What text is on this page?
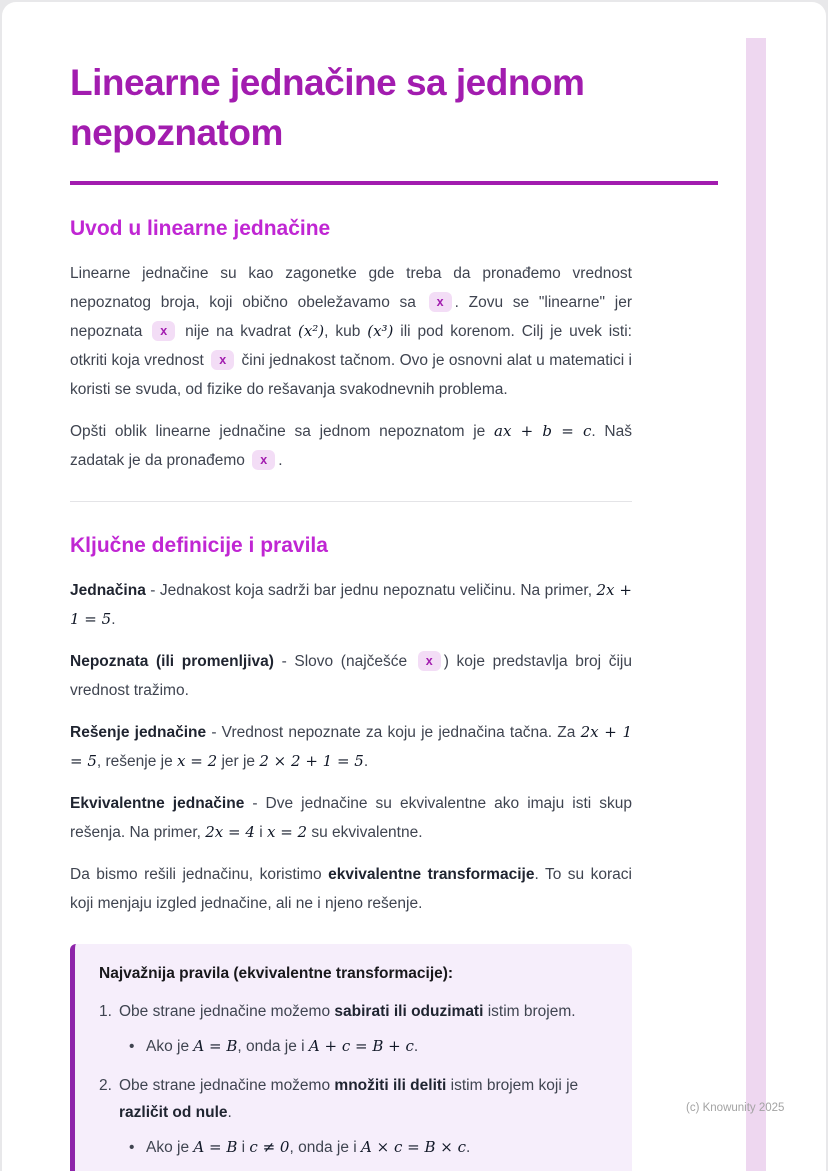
Linearne jednačine sa jednom nepoznatom
Uvod u linearne jednačine

Linearne jednačine su kao zagonetke gde treba da pronađemo vrednost nepoznatog broja, koji obično obeležavamo sa x . Zovu se "linearne" jer nepoznata x nije na kvadrat (x²), kub (x³) ili pod korenom. Cilj je uvek isti: otkriti koja vrednost x čini jednakost tačnom. Ovo je osnovni alat u matematici i koristi se svuda, od fizike do rešavanja svakodnevnih problema.

Opšti oblik linearne jednačine sa jednom nepoznatom je ax + b = c. Naš zadatak je da pronađemo x .

Ključne definicije i pravila

Jednačina - Jednakost koja sadrži bar jednu nepoznatu veličinu. Na primer, 2x + 1 = 5.

Nepoznata (ili promenljiva) - Slovo (najčešće x ) koje predstavlja broj čiju vrednost tražimo.

Rešenje jednačine - Vrednost nepoznate za koju je jednačina tačna. Za 2x + 1 = 5, rešenje je x = 2 jer je 2 × 2 + 1 = 5.

Ekvivalentne jednačine - Dve jednačine su ekvivalentne ako imaju isti skup rešenja. Na primer, 2x = 4 i x = 2 su ekvivalentne.

Da bismo rešili jednačinu, koristimo ekvivalentne transformacije. To su koraci koji menjaju izgled jednačine, ali ne i njeno rešenje.

Najvažnija pravila (ekvivalentne transformacije):

1. Obe strane jednačine možemo sabirati ili oduzimati istim brojem.
• Ako je A = B, onda je i A + c = B + c.
2. Obe strane jednačine možemo množiti ili deliti istim brojem koji je različit od nule.
• Ako je A = B i c ≠ 0, onda je i A × c = B × c.
(c) Knowunity 2025
